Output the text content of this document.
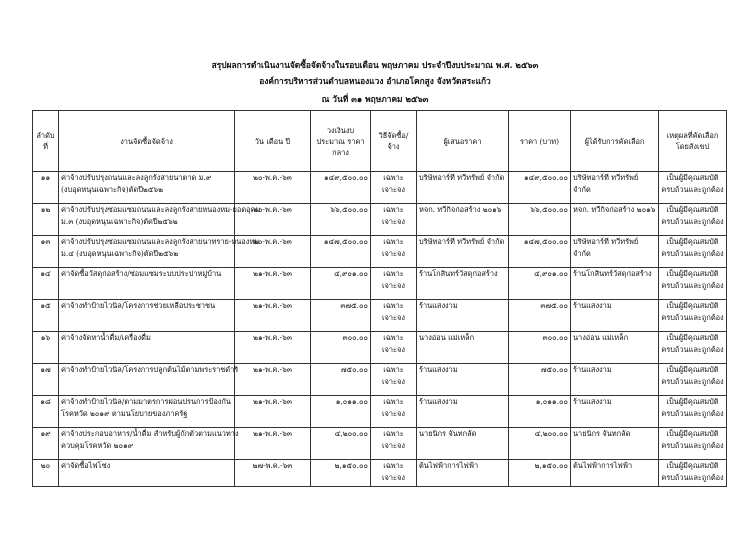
สรุปผลการดำเนินงานจัดซื้อจัดจ้างในรอบเดือน พฤษภาคม ประจำปีงบประมาณ พ.ศ. ๒๕๖๓
องค์การบริหารส่วนตำบลหนองแวง อำเภอโคกสูง จังหวัดสระแก้ว
ณ วันที่ ๓๑ พฤษภาคม ๒๕๖๓
ลำดับที่	งานจัดซื้อจัดจ้าง	วัน เดือน ปี	วงเงินงบประมาณ ราคากลาง	วิธีจัดซื้อ/จ้าง	ผู้เสนอราคา	ราคา (บาท)	ผู้ได้รับการคัดเลือก	เหตุผลที่คัดเลือกโดยสังเขป
๑๑	ค่าจ้างปรับปรุงถนนและลงลูกรังสายนาตาด ม.๙
(งบอุดหนุนเฉพาะกิจ)ตัดปี๒๕๖๒	๒๐-พ.ค.-๖๓	๑๔๙,๕๐๐.๐๐	เฉพาะเจาะจง	บริษัทอาร์ที ทวีทรัพย์ จำกัด	๑๔๙,๕๐๐.๐๐	บริษัทอาร์ที ทวีทรัพย์ จำกัด	เป็นผู้มีคุณสมบัติ
ครบถ้วนและถูกต้อง

๑๒	ค่าจ้างปรับปรุงซ่อมแซมถนนและลงลูกรังสายหนองหม-ยอดอุดม
ม.๓ (งบอุดหนุนเฉพาะกิจ)ตัดปี๒๕๖๒	๒๐-พ.ค.-๖๓	๖๖,๕๐๐.๐๐	เฉพาะเจาะจง	หจก. ทวีกิจก่อสร้าง ๒๐๑๖	๖๖,๕๐๐.๐๐	หจก. ทวีกิจก่อสร้าง ๒๐๑๖	เป็นผู้มีคุณสมบัติ
ครบถ้วนและถูกต้อง

๑๓	ค่าจ้างปรับปรุงซ่อมแซมถนนและลงลูกรังสายนาทราย-หนองหม
ม.๔ (งบอุดหนุนเฉพาะกิจ)ตัดปี๒๕๖๒	๒๐-พ.ค.-๖๓	๑๔๗,๕๐๐.๐๐	เฉพาะเจาะจง	บริษัทอาร์ที ทวีทรัพย์ จำกัด	๑๔๗,๕๐๐.๐๐	บริษัทอาร์ที ทวีทรัพย์ จำกัด	เป็นผู้มีคุณสมบัติ
ครบถ้วนและถูกต้อง

๑๔	ค่าจัดซื้อวัสดุก่อสร้าง/ซ่อมแซมระบบประปาหมู่บ้าน	๒๑-พ.ค.-๖๓	๔,๙๐๑.๐๐	เฉพาะเจาะจง	ร้านโกสินทร์วัสดุก่อสร้าง	๔,๙๐๑.๐๐	ร้านโกสินทร์วัสดุก่อสร้าง	เป็นผู้มีคุณสมบัติ
ครบถ้วนและถูกต้อง

๑๕	ค่าจ้างทำป้ายไวนิล/โครงการช่วยเหลือประชาชน	๒๑-พ.ค.-๖๓	๓๗๕.๐๐	เฉพาะเจาะจง	ร้านแสงงาม	๓๗๕.๐๐	ร้านแสงงาม	เป็นผู้มีคุณสมบัติ
ครบถ้วนและถูกต้อง

๑๖	ค่าจ้างจัดหาน้ำดื่ม/เครื่องดื่ม	๒๑-พ.ค.-๖๓	๓๐๐.๐๐	เฉพาะเจาะจง	นางอ่อน แม่เหล็ก	๓๐๐.๐๐	นางอ่อน แม่เหล็ก	เป็นผู้มีคุณสมบัติ
ครบถ้วนและถูกต้อง

๑๗	ค่าจ้างทำป้ายไวนิล/โครงการปลูกต้นไม้ตามพระราชดำริ	๒๑-พ.ค.-๖๓	๗๕๐.๐๐	เฉพาะเจาะจง	ร้านแสงงาม	๗๕๐.๐๐	ร้านแสงงาม	เป็นผู้มีคุณสมบัติ
ครบถ้วนและถูกต้อง

๑๘	ค่าจ้างทำป้ายไวนิล/ตามมาตรการผ่อนปรนการป้องกัน
โรคหวัด ๒๐๑๙ ตามนโยบายของภาครัฐ	๒๑-พ.ค.-๖๓	๑,๐๑๑.๐๐	เฉพาะเจาะจง	ร้านแสงงาม	๑,๐๑๑.๐๐	ร้านแสงงาม	เป็นผู้มีคุณสมบัติ
ครบถ้วนและถูกต้อง

๑๙	ค่าจ้างประกอบอาหาร/น้ำดื่ม สำหรับผู้กักตัวตามแนวทาง
ควบคุมโรคหวัด ๒๐๑๙	๒๑-พ.ค.-๖๓	๔,๒๐๐.๐๐	เฉพาะเจาะจง	นายนิกร จันทกลัด	๔,๒๐๐.๐๐	นายนิกร จันทกลัด	เป็นผู้มีคุณสมบัติ
ครบถ้วนและถูกต้อง

๒๐	ค่าจัดซื้อไฟโซ่ง	๒๗-พ.ค.-๖๓	๒,๑๕๐.๐๐	เฉพาะเจาะจง	ต้นไฟฟ้าการไฟฟ้า	๒,๑๕๐.๐๐	ต้นไฟฟ้าการไฟฟ้า	เป็นผู้มีคุณสมบัติ
ครบถ้วนและถูกต้อง
